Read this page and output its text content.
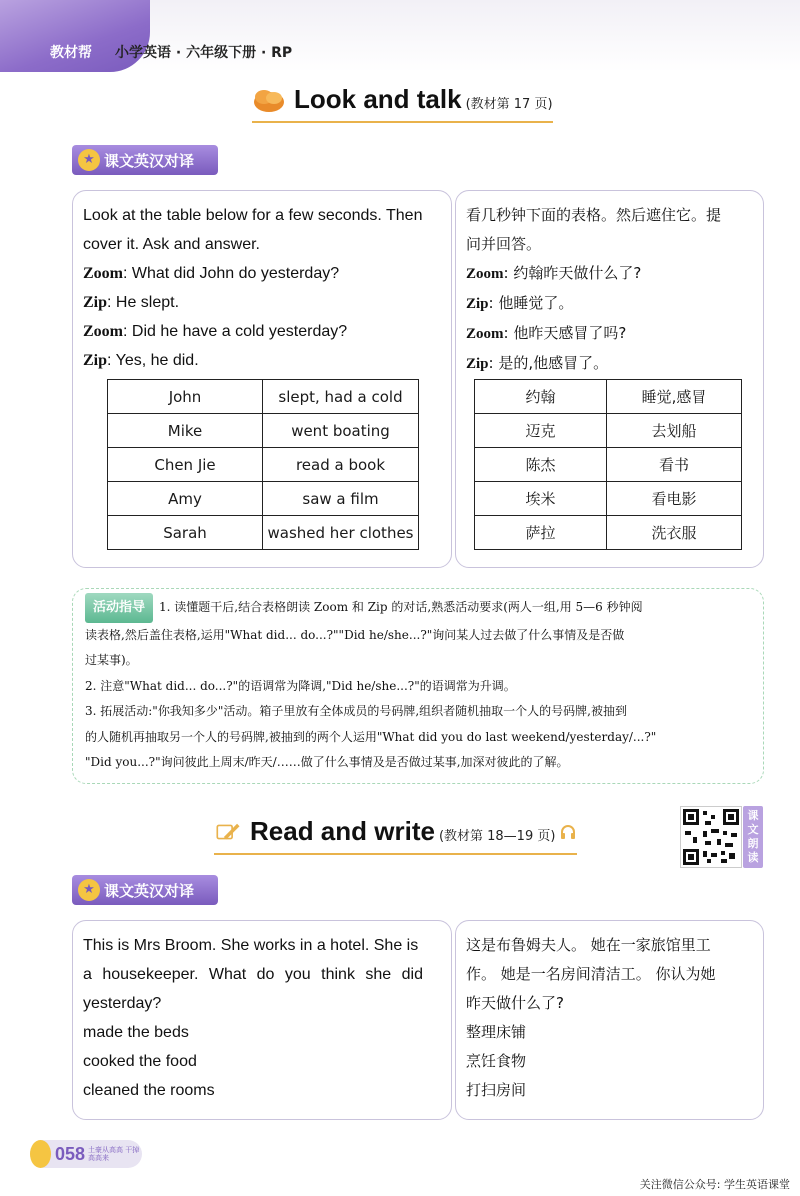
教材帮 小学英语 · 六年级下册 · RP
Look and talk (教材第 17 页)
★ 课文英汉对译
Look at the table below for a few seconds. Then
cover it. Ask and answer.
Zoom: What did John do yesterday?
Zip: He slept.
Zoom: Did he have a cold yesterday?
Zip: Yes, he did.
John	slept, had a cold
Mike	went boating
Chen Jie	read a book
Amy	saw a film
Sarah	washed her clothes
看几秒钟下面的表格。然后遮住它。提
问并回答。
Zoom: 约翰昨天做什么了?
Zip: 他睡觉了。
Zoom: 他昨天感冒了吗?
Zip: 是的,他感冒了。
约翰	睡觉,感冒
迈克	去划船
陈杰	看书
埃米	看电影
萨拉	洗衣服

活动指导 1. 读懂题干后,结合表格朗读 Zoom 和 Zip 的对话,熟悉活动要求(两人一组,用 5—6 秒钟阅

读表格,然后盖住表格,运用"What did... do...?""Did he/she...?"询问某人过去做了什么事情及是否做

过某事)。

2. 注意"What did... do...?"的语调常为降调,"Did he/she...?"的语调常为升调。

3. 拓展活动:"你我知多少"活动。箱子里放有全体成员的号码牌,组织者随机抽取一个人的号码牌,被抽到

的人随机再抽取另一个人的号码牌,被抽到的两个人运用"What did you do last weekend/yesterday/...?"

"Did you...?"询问彼此上周末/昨天/……做了什么事情及是否做过某事,加深对彼此的了解。

Read and write (教材第 18—19 页)
课文朗读
★ 课文英汉对译
This is Mrs Broom. She works in a hotel. She is
a housekeeper. What do you think she did
yesterday?
made the beds
cooked the food
cleaned the rooms
这是布鲁姆夫人。 她在一家旅馆里工
作。 她是一名房间清洁工。 你认为她
昨天做什么了?
整理床铺
烹饪食物
打扫房间
058 土豪从高高 干掉高高来
关注微信公众号: 学生英语课堂
